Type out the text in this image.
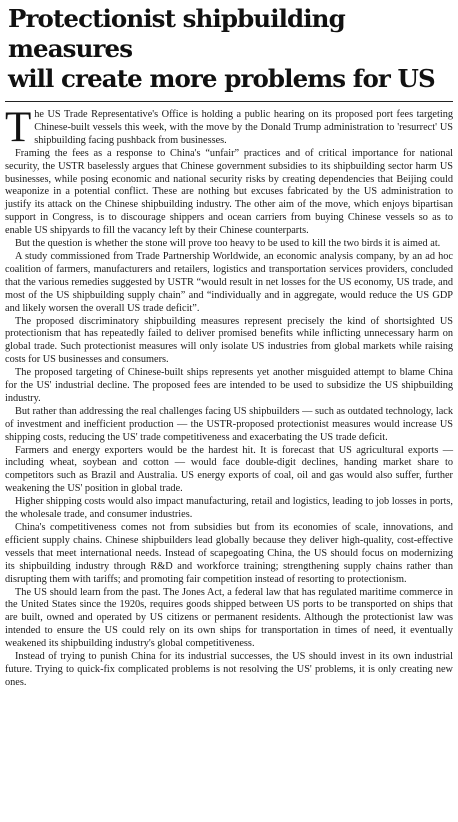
Protectionist shipbuilding measures
will create more problems for US

The US Trade Representative's Office is holding a public hearing on its proposed port fees targeting Chinese-built vessels this week, with the move by the Donald Trump administration to 'resurrect' US shipbuilding facing pushback from businesses.

Framing the fees as a response to China's “unfair” practices and of critical importance for national security, the USTR baselessly argues that Chinese government subsidies to its shipbuilding sector harm US businesses, while posing economic and national security risks by creating dependencies that Beijing could weaponize in a potential conflict. These are nothing but excuses fabricated by the US administration to justify its attack on the Chinese shipbuilding industry. The other aim of the move, which enjoys bipartisan support in Congress, is to discourage shippers and ocean carriers from buying Chinese vessels so as to enable US shipyards to fill the vacancy left by their Chinese counterparts.

But the question is whether the stone will prove too heavy to be used to kill the two birds it is aimed at.

A study commissioned from Trade Partnership Worldwide, an economic analysis company, by an ad hoc coalition of farmers, manufacturers and retailers, logistics and transportation services providers, concluded that the various remedies suggested by USTR “would result in net losses for the US economy, US trade, and most of the US shipbuilding supply chain” and “individually and in aggregate, would reduce the US GDP and likely worsen the overall US trade deficit”.

The proposed discriminatory shipbuilding measures represent precisely the kind of shortsighted US protectionism that has repeatedly failed to deliver promised benefits while inflicting unnecessary harm on global trade. Such protectionist measures will only isolate US industries from global markets while raising costs for US businesses and consumers.

The proposed targeting of Chinese-built ships represents yet another misguided attempt to blame China for the US' industrial decline. The proposed fees are intended to be used to subsidize the US shipbuilding industry.

But rather than addressing the real challenges facing US shipbuilders — such as outdated technology, lack of investment and inefficient production — the USTR-proposed protectionist measures would increase US shipping costs, reducing the US' trade competitiveness and exacerbating the US trade deficit.

Farmers and energy exporters would be the hardest hit. It is forecast that US agricultural exports — including wheat, soybean and cotton — would face double-digit declines, handing market share to competitors such as Brazil and Australia. US energy exports of coal, oil and gas would also suffer, further weakening the US' position in global trade.

Higher shipping costs would also impact manufacturing, retail and logistics, leading to job losses in ports, the wholesale trade, and consumer industries.

China's competitiveness comes not from subsidies but from its economies of scale, innovations, and efficient supply chains. Chinese shipbuilders lead globally because they deliver high-quality, cost-effective vessels that meet international needs. Instead of scapegoating China, the US should focus on modernizing its shipbuilding industry through R&D and workforce training; strengthening supply chains rather than disrupting them with tariffs; and promoting fair competition instead of resorting to protectionism.

The US should learn from the past. The Jones Act, a federal law that has regulated maritime commerce in the United States since the 1920s, requires goods shipped between US ports to be transported on ships that are built, owned and operated by US citizens or permanent residents. Although the protectionist law was intended to ensure the US could rely on its own ships for transportation in times of need, it eventually weakened its shipbuilding industry's global competitiveness.

Instead of trying to punish China for its industrial successes, the US should invest in its own industrial future. Trying to quick-fix complicated problems is not resolving the US' problems, it is only creating new ones.
